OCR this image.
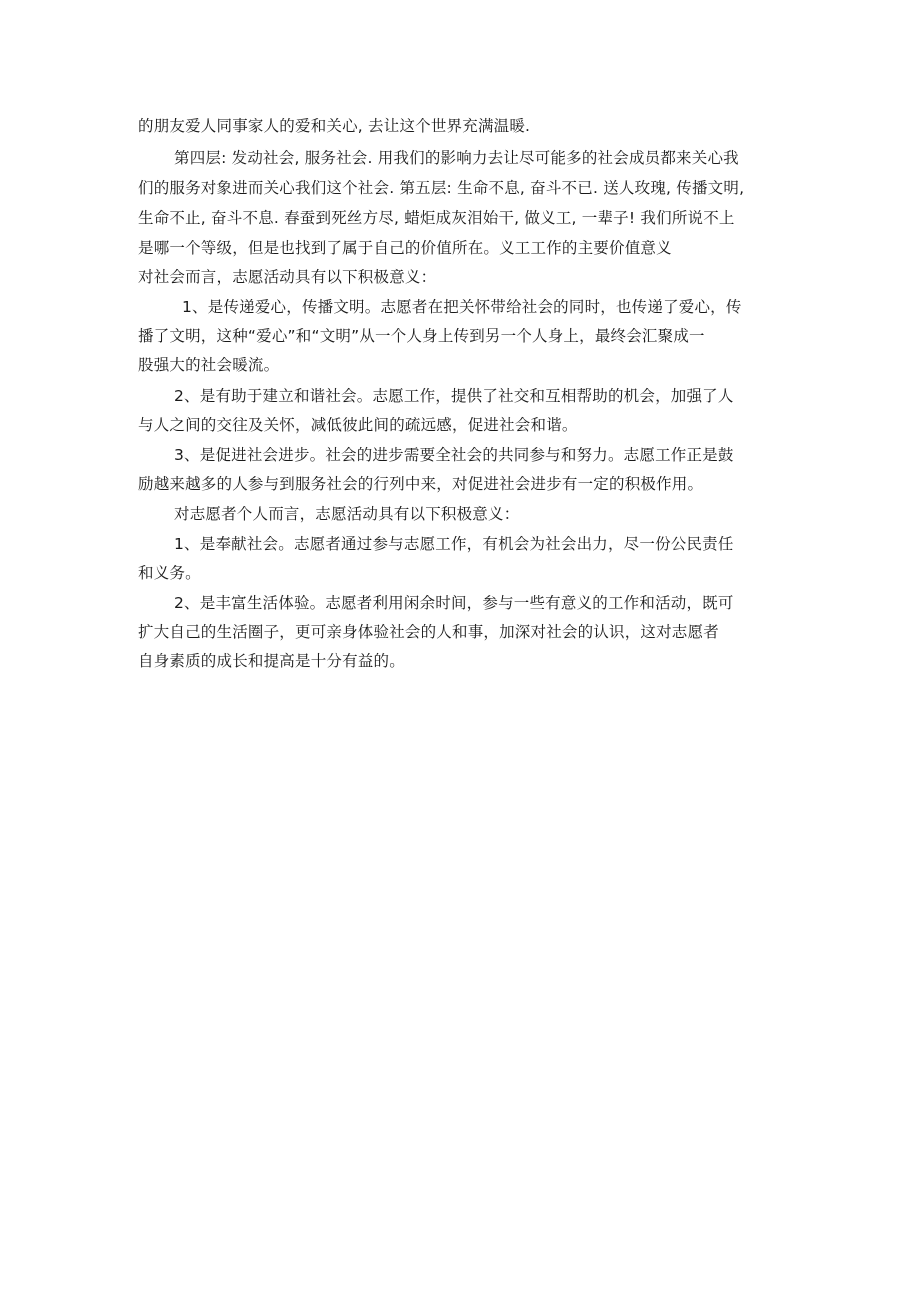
的朋友爱人同事家人的爱和关心, 去让这个世界充满温暖.
第四层: 发动社会, 服务社会. 用我们的影响力去让尽可能多的社会成员都来关心我
们的服务对象进而关心我们这个社会. 第五层: 生命不息, 奋斗不已. 送人玫瑰, 传播文明,
生命不止, 奋斗不息. 春蚕到死丝方尽, 蜡炬成灰泪始干, 做义工, 一辈子! 我们所说不上
是哪一个等级，但是也找到了属于自己的价值所在。义工工作的主要价值意义
对社会而言，志愿活动具有以下积极意义：
1、是传递爱心，传播文明。志愿者在把关怀带给社会的同时，也传递了爱心，传
播了文明，这种“爱心”和“文明”从一个人身上传到另一个人身上，最终会汇聚成一
股强大的社会暖流。
2、是有助于建立和谐社会。志愿工作，提供了社交和互相帮助的机会，加强了人
与人之间的交往及关怀，减低彼此间的疏远感，促进社会和谐。
3、是促进社会进步。社会的进步需要全社会的共同参与和努力。志愿工作正是鼓
励越来越多的人参与到服务社会的行列中来，对促进社会进步有一定的积极作用。
对志愿者个人而言，志愿活动具有以下积极意义：
1、是奉献社会。志愿者通过参与志愿工作，有机会为社会出力，尽一份公民责任
和义务。
2、是丰富生活体验。志愿者利用闲余时间，参与一些有意义的工作和活动，既可
扩大自己的生活圈子，更可亲身体验社会的人和事，加深对社会的认识，这对志愿者
自身素质的成长和提高是十分有益的。
